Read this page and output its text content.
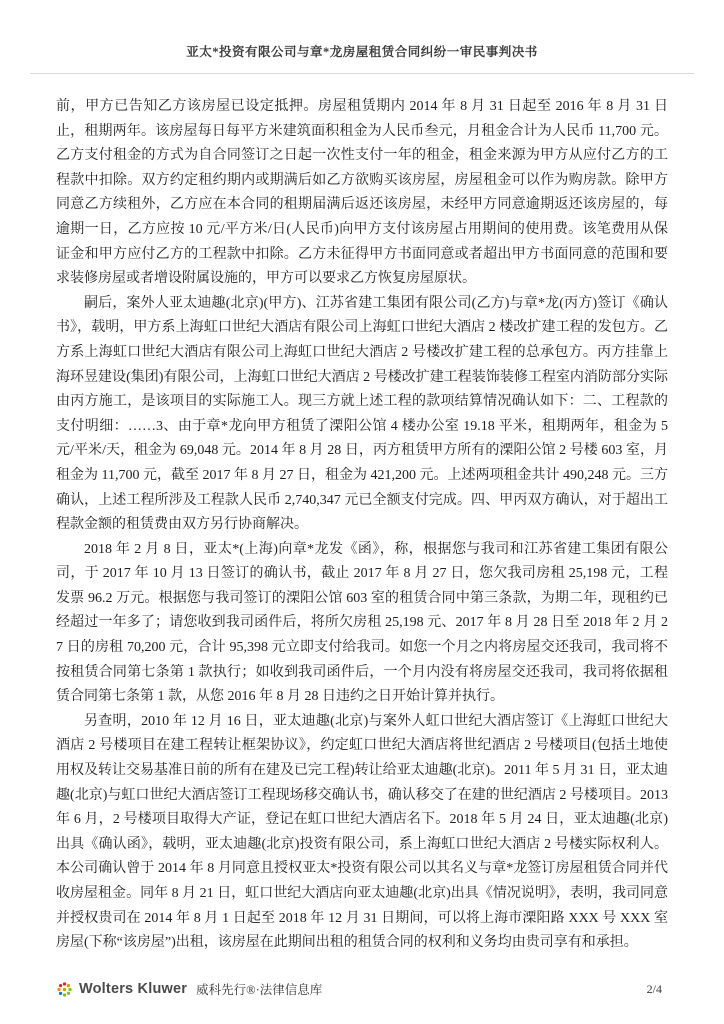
亚太*投资有限公司与章*龙房屋租赁合同纠纷一审民事判决书

前，甲方已告知乙方该房屋已设定抵押。房屋租赁期内 2014 年 8 月 31 日起至 2016 年 8 月 31 日止，租期两年。该房屋每日每平方米建筑面积租金为人民币叁元，月租金合计为人民币 11,700 元。乙方支付租金的方式为自合同签订之日起一次性支付一年的租金，租金来源为甲方从应付乙方的工程款中扣除。双方约定租约期内或期满后如乙方欲购买该房屋，房屋租金可以作为购房款。除甲方同意乙方续租外，乙方应在本合同的租期届满后返还该房屋，未经甲方同意逾期返还该房屋的，每逾期一日，乙方应按 10 元/平方米/日(人民币)向甲方支付该房屋占用期间的使用费。该笔费用从保证金和甲方应付乙方的工程款中扣除。乙方未征得甲方书面同意或者超出甲方书面同意的范围和要求装修房屋或者增设附属设施的，甲方可以要求乙方恢复房屋原状。

嗣后，案外人亚太迪趣(北京)(甲方)、江苏省建工集团有限公司(乙方)与章*龙(丙方)签订《确认书》，载明，甲方系上海虹口世纪大酒店有限公司上海虹口世纪大酒店 2 楼改扩建工程的发包方。乙方系上海虹口世纪大酒店有限公司上海虹口世纪大酒店 2 号楼改扩建工程的总承包方。丙方挂靠上海环昱建设(集团)有限公司，上海虹口世纪大酒店 2 号楼改扩建工程装饰装修工程室内消防部分实际由丙方施工，是该项目的实际施工人。现三方就上述工程的款项结算情况确认如下：二、工程款的支付明细：……3、由于章*龙向甲方租赁了溧阳公馆 4 楼办公室 19.18 平米，租期两年，租金为 5 元/平米/天，租金为 69,048 元。2014 年 8 月 28 日，丙方租赁甲方所有的溧阳公馆 2 号楼 603 室，月租金为 11,700 元，截至 2017 年 8 月 27 日，租金为 421,200 元。上述两项租金共计 490,248 元。三方确认，上述工程所涉及工程款人民币 2,740,347 元已全额支付完成。四、甲丙双方确认，对于超出工程款金额的租赁费由双方另行协商解决。

2018 年 2 月 8 日，亚太*(上海)向章*龙发《函》，称，根据您与我司和江苏省建工集团有限公司，于 2017 年 10 月 13 日签订的确认书，截止 2017 年 8 月 27 日，您欠我司房租 25,198 元，工程发票 96.2 万元。根据您与我司签订的溧阳公馆 603 室的租赁合同中第三条款，为期二年，现租约已经超过一年多了；请您收到我司函件后，将所欠房租 25,198 元、2017 年 8 月 28 日至 2018 年 2 月 27 日的房租 70,200 元，合计 95,398 元立即支付给我司。如您一个月之内将房屋交还我司，我司将不按租赁合同第七条第 1 款执行；如收到我司函件后，一个月内没有将房屋交还我司，我司将依据租赁合同第七条第 1 款，从您 2016 年 8 月 28 日违约之日开始计算并执行。

另查明，2010 年 12 月 16 日，亚太迪趣(北京)与案外人虹口世纪大酒店签订《上海虹口世纪大酒店 2 号楼项目在建工程转让框架协议》，约定虹口世纪大酒店将世纪酒店 2 号楼项目(包括土地使用权及转让交易基准日前的所有在建及已完工程)转让给亚太迪趣(北京)。2011 年 5 月 31 日，亚太迪趣(北京)与虹口世纪大酒店签订工程现场移交确认书，确认移交了在建的世纪酒店 2 号楼项目。2013 年 6 月，2 号楼项目取得大产证，登记在虹口世纪大酒店名下。2018 年 5 月 24 日，亚太迪趣(北京)出具《确认函》，载明，亚太迪趣(北京)投资有限公司，系上海虹口世纪大酒店 2 号楼实际权利人。本公司确认曾于 2014 年 8 月同意且授权亚太*投资有限公司以其名义与章*龙签订房屋租赁合同并代收房屋租金。同年 8 月 21 日，虹口世纪大酒店向亚太迪趣(北京)出具《情况说明》，表明，我司同意并授权贵司在 2014 年 8 月 1 日起至 2018 年 12 月 31 日期间，可以将上海市溧阳路 XXX 号 XXX 室房屋(下称“该房屋”)出租，该房屋在此期间出租的租赁合同的权利和义务均由贵司享有和承担。

Wolters Kluwer 威科先行®·法律信息库	2/4
